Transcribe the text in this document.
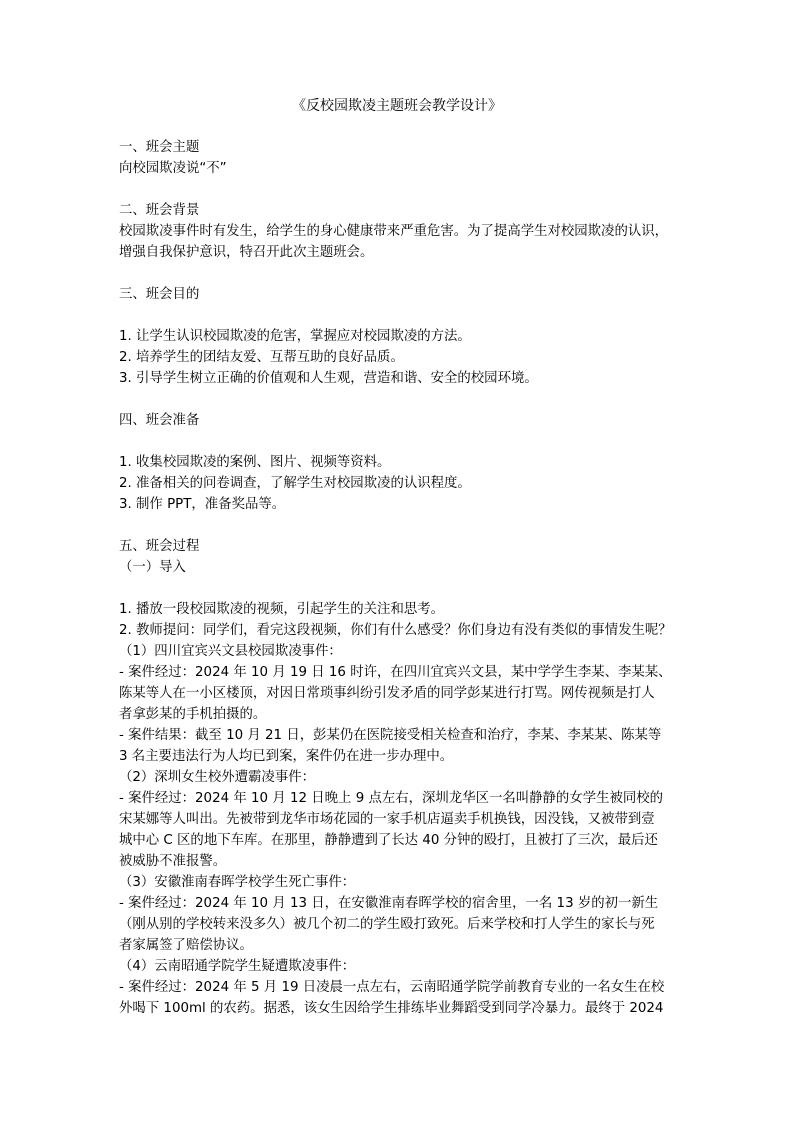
《反校园欺凌主题班会教学设计》
一、班会主题
向校园欺凌说“不”
二、班会背景
校园欺凌事件时有发生，给学生的身心健康带来严重危害。为了提高学生对校园欺凌的认识，
增强自我保护意识，特召开此次主题班会。
三、班会目的
1. 让学生认识校园欺凌的危害，掌握应对校园欺凌的方法。
2. 培养学生的团结友爱、互帮互助的良好品质。
3. 引导学生树立正确的价值观和人生观，营造和谐、安全的校园环境。
四、班会准备
1. 收集校园欺凌的案例、图片、视频等资料。
2. 准备相关的问卷调查，了解学生对校园欺凌的认识程度。
3. 制作 PPT，准备奖品等。
五、班会过程
（一）导入
1. 播放一段校园欺凌的视频，引起学生的关注和思考。
2. 教师提问：同学们，看完这段视频，你们有什么感受？你们身边有没有类似的事情发生呢？
（1）四川宜宾兴文县校园欺凌事件：
- 案件经过：2024 年 10 月 19 日 16 时许，在四川宜宾兴文县，某中学学生李某、李某某、
陈某等人在一小区楼顶，对因日常琐事纠纷引发矛盾的同学彭某进行打骂。网传视频是打人
者拿彭某的手机拍摄的。
- 案件结果：截至 10 月 21 日，彭某仍在医院接受相关检查和治疗，李某、李某某、陈某等
3 名主要违法行为人均已到案，案件仍在进一步办理中。
（2）深圳女生校外遭霸凌事件：
- 案件经过：2024 年 10 月 12 日晚上 9 点左右，深圳龙华区一名叫静静的女学生被同校的
宋某娜等人叫出。先被带到龙华市场花园的一家手机店逼卖手机换钱，因没钱，又被带到壹
城中心 C 区的地下车库。在那里，静静遭到了长达 40 分钟的殴打，且被打了三次，最后还
被威胁不准报警。
（3）安徽淮南春晖学校学生死亡事件：
- 案件经过：2024 年 10 月 13 日，在安徽淮南春晖学校的宿舍里，一名 13 岁的初一新生
（刚从别的学校转来没多久）被几个初二的学生殴打致死。后来学校和打人学生的家长与死
者家属签了赔偿协议。
（4）云南昭通学院学生疑遭欺凌事件：
- 案件经过：2024 年 5 月 19 日凌晨一点左右，云南昭通学院学前教育专业的一名女生在校
外喝下 100ml 的农药。据悉，该女生因给学生排练毕业舞蹈受到同学冷暴力。最终于 2024
